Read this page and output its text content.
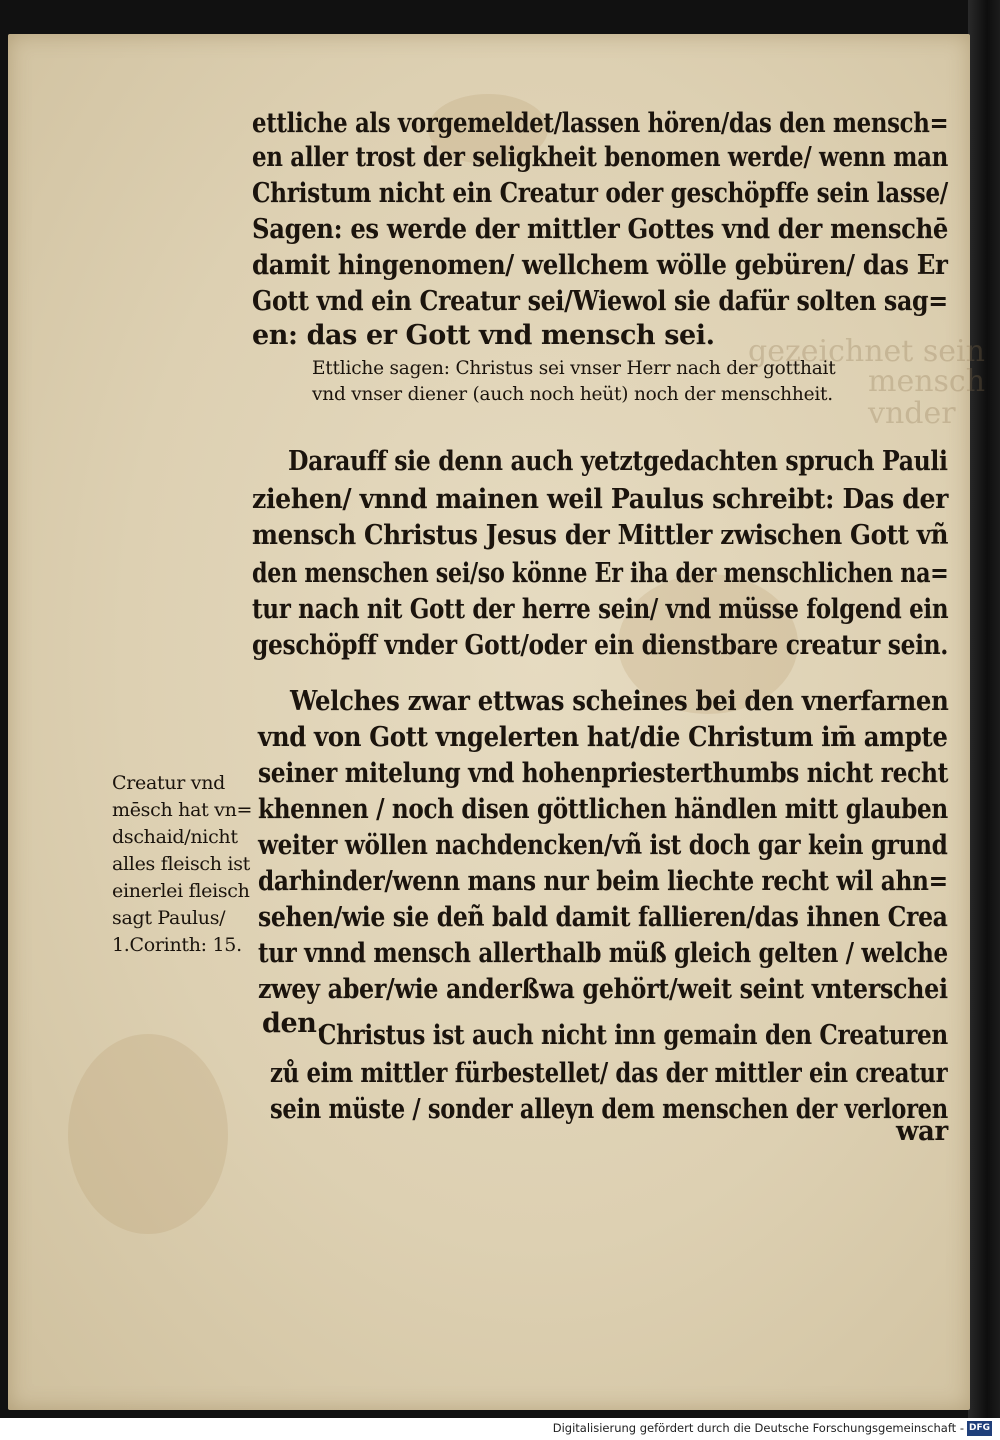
gezeichnet sein
mensch
vnder
ettliche als vorgemeldet/lassen hören/das den mensch=
en aller trost der seligkheit benomen werde/ wenn man
Christum nicht ein Creatur oder geschöpffe sein lasse/
Sagen: es werde der mittler Gottes vnd der menschē
damit hingenomen/ wellchem wölle gebüren/ das Er
Gott vnd ein Creatur sei/Wiewol sie dafür solten sag=
en: das er Gott vnd mensch sei.
Ettliche sagen: Christus sei vnser Herr nach der gotthait
vnd vnser diener (auch noch heüt) noch der menschheit.
Darauff sie denn auch yetztgedachten spruch Pauli
ziehen/ vnnd mainen weil Paulus schreibt: Das der
mensch Christus Jesus der Mittler zwischen Gott vñ
den menschen sei/so könne Er iha der menschlichen na=
tur nach nit Gott der herre sein/ vnd müsse folgend ein
geschöpff vnder Gott/oder ein dienstbare creatur sein.
Welches zwar ettwas scheines bei den vnerfarnen
vnd von Gott vngelerten hat/die Christum im̄ ampte
seiner mitelung vnd hohenpriesterthumbs nicht recht
khennen / noch disen göttlichen händlen mitt glauben
weiter wöllen nachdencken/vñ ist doch gar kein grund
darhinder/wenn mans nur beim liechte recht wil ahn=
sehen/wie sie deñ bald damit fallieren/das ihnen Crea
tur vnnd mensch allerthalb müß gleich gelten / welche
zwey aber/wie anderßwa gehört/weit seint vnterschei
den.
Christus ist auch nicht inn gemain den Creaturen
zů eim mittler fürbestellet/ das der mittler ein creatur
sein müste / sonder alleyn dem menschen der verloren
war
Creatur vnd
mēsch hat vn=
dschaid/nicht
alles fleisch ist
einerlei fleisch
sagt Paulus/
1.Corinth: 15.
Digitalisierung gefördert durch die Deutsche Forschungsgemeinschaft - DFG
